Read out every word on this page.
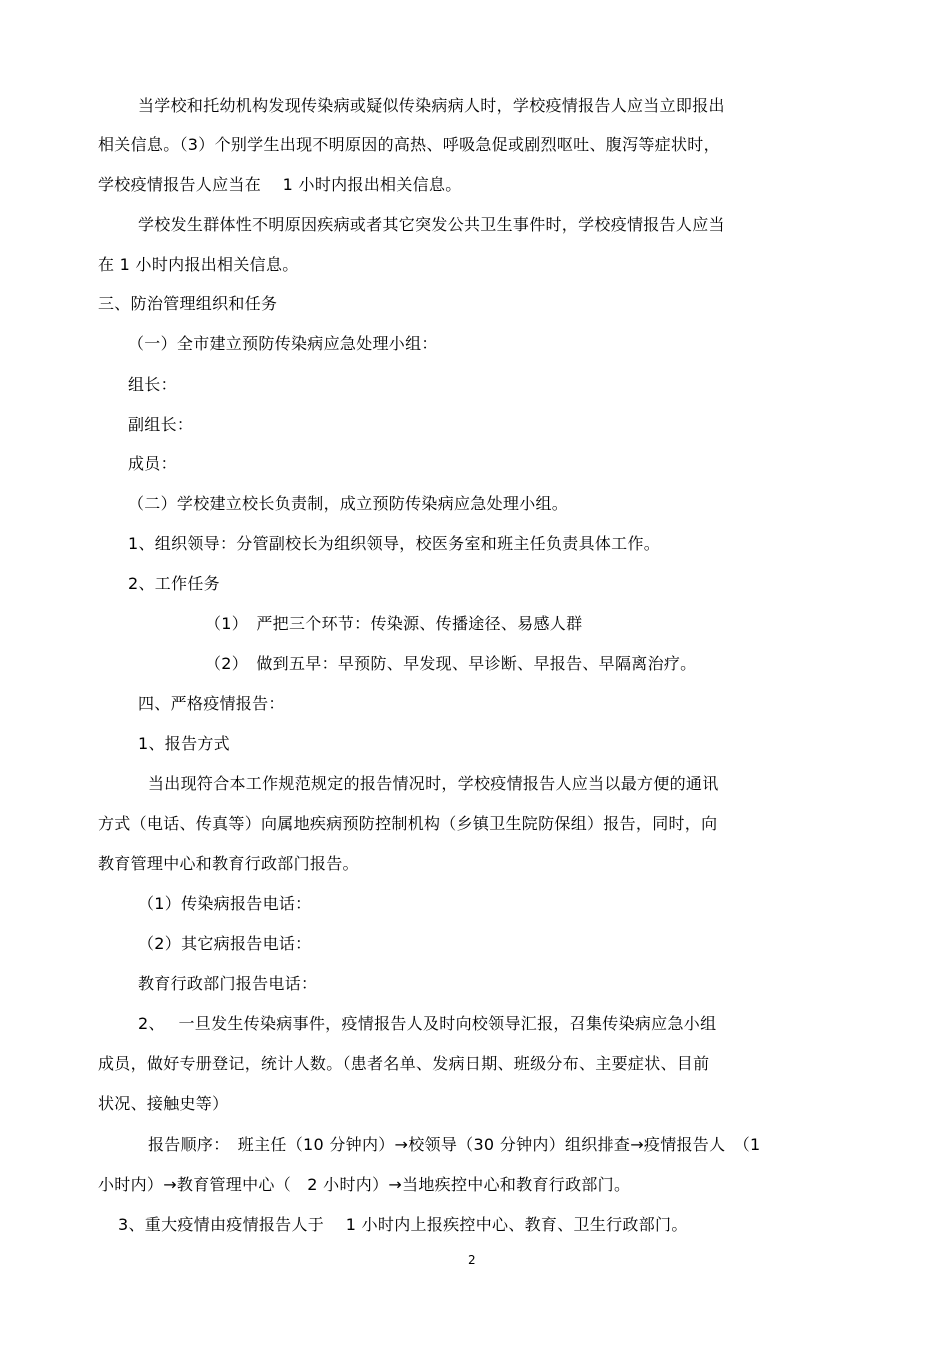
当学校和托幼机构发现传染病或疑似传染病病人时，学校疫情报告人应当立即报出

相关信息。（3）个别学生出现不明原因的高热、呼吸急促或剧烈呕吐、腹泻等症状时，

学校疫情报告人应当在　 1 小时内报出相关信息。

学校发生群体性不明原因疾病或者其它突发公共卫生事件时，学校疫情报告人应当

在 1 小时内报出相关信息。

三、防治管理组织和任务

（一）全市建立预防传染病应急处理小组：

组长：

副组长：

成员：

（二）学校建立校长负责制，成立预防传染病应急处理小组。

1、组织领导：分管副校长为组织领导，校医务室和班主任负责具体工作。

2、工作任务

（1）　严把三个环节：传染源、传播途径、易感人群

（2）　做到五早：早预防、早发现、早诊断、早报告、早隔离治疗。

四、严格疫情报告：

1、报告方式

当出现符合本工作规范规定的报告情况时，学校疫情报告人应当以最方便的通讯

方式（电话、传真等）向属地疾病预防控制机构（乡镇卫生院防保组）报告，同时，向

教育管理中心和教育行政部门报告。

（1）传染病报告电话：

（2）其它病报告电话：

教育行政部门报告电话：

2、　 一旦发生传染病事件，疫情报告人及时向校领导汇报，召集传染病应急小组

成员，做好专册登记，统计人数。（患者名单、发病日期、班级分布、主要症状、目前

状况、接触史等）

报告顺序：　班主任（10 分钟内）→校领导（30 分钟内）组织排查→疫情报告人　（1

小时内）→教育管理中心（　2 小时内）→当地疾控中心和教育行政部门。

3、重大疫情由疫情报告人于　 1 小时内上报疾控中心、教育、卫生行政部门。

2
